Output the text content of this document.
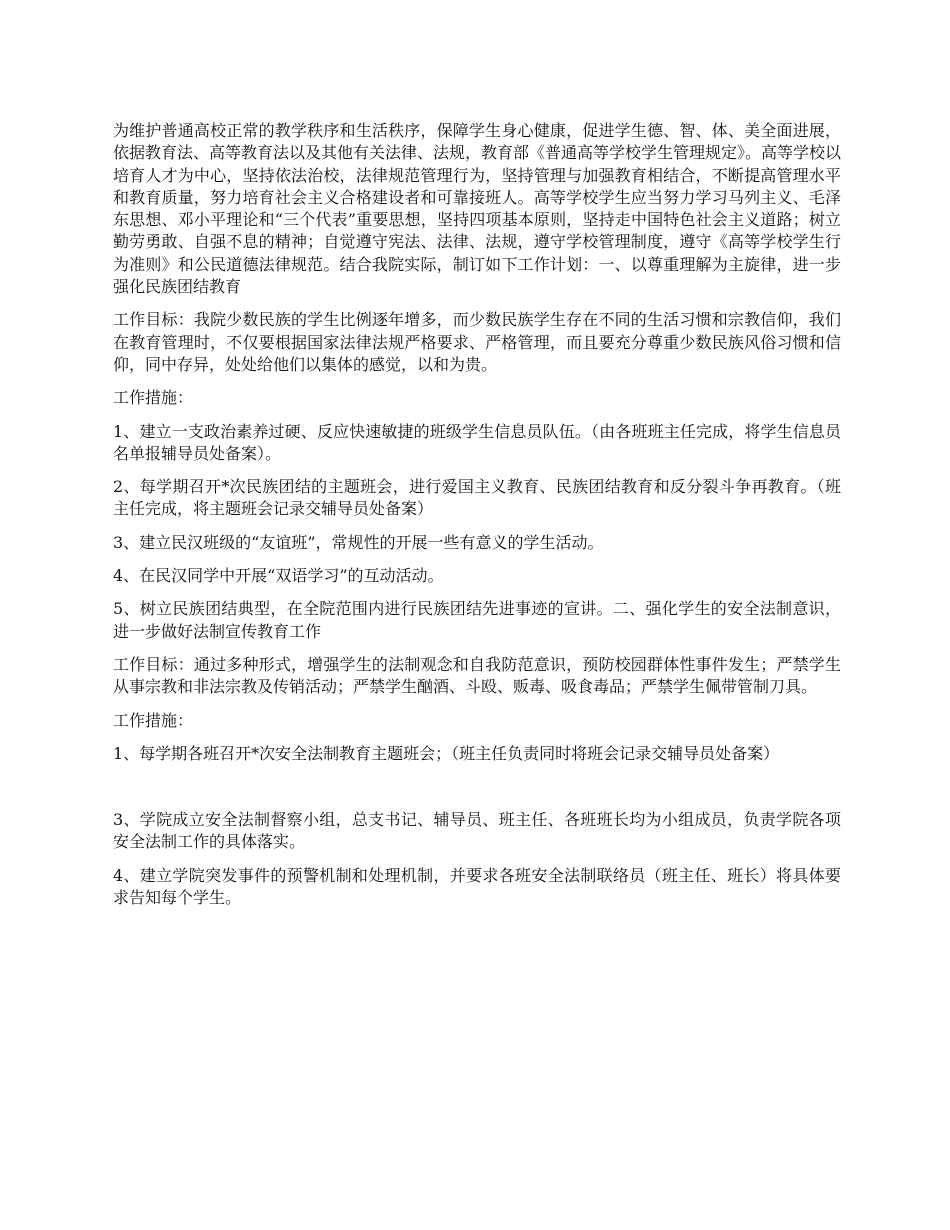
为维护普通高校正常的教学秩序和生活秩序，保障学生身心健康，促进学生德、智、体、美全面进展，依据教育法、高等教育法以及其他有关法律、法规，教育部《普通高等学校学生管理规定》。高等学校以培育人才为中心，坚持依法治校，法律规范管理行为，坚持管理与加强教育相结合，不断提高管理水平和教育质量，努力培育社会主义合格建设者和可靠接班人。高等学校学生应当努力学习马列主义、毛泽东思想、邓小平理论和“三个代表”重要思想，坚持四项基本原则，坚持走中国特色社会主义道路；树立勤劳勇敢、自强不息的精神；自觉遵守宪法、法律、法规，遵守学校管理制度，遵守《高等学校学生行为准则》和公民道德法律规范。结合我院实际，制订如下工作计划：一、以尊重理解为主旋律，进一步强化民族团结教育

工作目标：我院少数民族的学生比例逐年增多，而少数民族学生存在不同的生活习惯和宗教信仰，我们在教育管理时，不仅要根据国家法律法规严格要求、严格管理，而且要充分尊重少数民族风俗习惯和信仰，同中存异，处处给他们以集体的感觉，以和为贵。

工作措施：

1、建立一支政治素养过硬、反应快速敏捷的班级学生信息员队伍。（由各班班主任完成，将学生信息员名单报辅导员处备案）。

2、每学期召开*次民族团结的主题班会，进行爱国主义教育、民族团结教育和反分裂斗争再教育。（班主任完成，将主题班会记录交辅导员处备案）

3、建立民汉班级的“友谊班”，常规性的开展一些有意义的学生活动。

4、在民汉同学中开展“双语学习”的互动活动。

5、树立民族团结典型，在全院范围内进行民族团结先进事迹的宣讲。二、强化学生的安全法制意识，进一步做好法制宣传教育工作

工作目标：通过多种形式，增强学生的法制观念和自我防范意识，预防校园群体性事件发生；严禁学生从事宗教和非法宗教及传销活动；严禁学生酗酒、斗殴、贩毒、吸食毒品；严禁学生佩带管制刀具。

工作措施：

1、每学期各班召开*次安全法制教育主题班会；（班主任负责同时将班会记录交辅导员处备案）

3、学院成立安全法制督察小组，总支书记、辅导员、班主任、各班班长均为小组成员，负责学院各项安全法制工作的具体落实。

4、建立学院突发事件的预警机制和处理机制，并要求各班安全法制联络员（班主任、班长）将具体要求告知每个学生。
